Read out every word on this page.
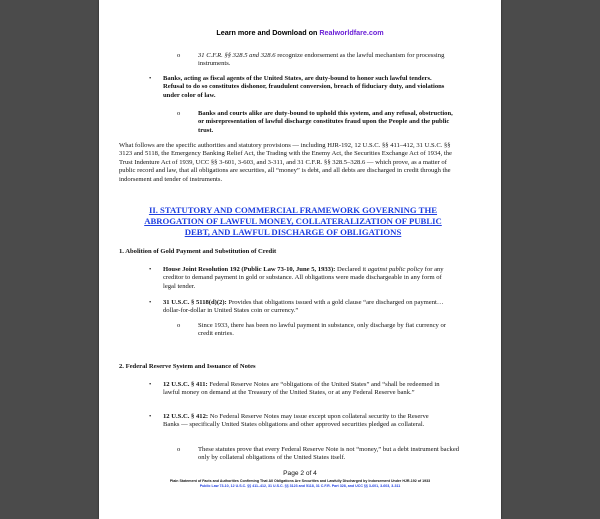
Learn more and Download on Realworldfare.com
o	31 C.F.R. §§ 328.5 and 328.6 recognize endorsement as the lawful mechanism for processing instruments.

• Banks, acting as fiscal agents of the United States, are duty-bound to honor such lawful tenders. Refusal to do so constitutes dishonor, fraudulent conversion, breach of fiduciary duty, and violations under color of law.

o	Banks and courts alike are duty-bound to uphold this system, and any refusal, obstruction, or misrepresentation of lawful discharge constitutes fraud upon the People and the public trust.

What follows are the specific authorities and statutory provisions — including HJR-192, 12 U.S.C. §§ 411–412, 31 U.S.C. §§ 3123 and 5118, the Emergency Banking Relief Act, the Trading with the Enemy Act, the Securities Exchange Act of 1934, the Trust Indenture Act of 1939, UCC §§ 3-601, 3-603, and 3-311, and 31 C.F.R. §§ 328.5–328.6 — which prove, as a matter of public record and law, that all obligations are securities, all “money” is debt, and all debts are discharged in credit through the indorsement and tender of instruments.

II. STATUTORY AND COMMERCIAL FRAMEWORK GOVERNING THE ABROGATION OF LAWFUL MONEY, COLLATERALIZATION OF PUBLIC DEBT, AND LAWFUL DISCHARGE OF OBLIGATIONS

1. Abolition of Gold Payment and Substitution of Credit

• House Joint Resolution 192 (Public Law 73-10, June 5, 1933): Declared it against public policy for any creditor to demand payment in gold or substance. All obligations were made dischargeable in any form of legal tender.

• 31 U.S.C. § 5118(d)(2): Provides that obligations issued with a gold clause “are discharged on payment… dollar-for-dollar in United States coin or currency.”

o	Since 1933, there has been no lawful payment in substance, only discharge by fiat currency or credit entries.

2. Federal Reserve System and Issuance of Notes

• 12 U.S.C. § 411: Federal Reserve Notes are “obligations of the United States” and “shall be redeemed in lawful money on demand at the Treasury of the United States, or at any Federal Reserve bank.”

• 12 U.S.C. § 412: No Federal Reserve Notes may issue except upon collateral security to the Reserve Banks — specifically United States obligations and other approved securities pledged as collateral.

o	These statutes prove that every Federal Reserve Note is not “money,” but a debt instrument backed only by collateral obligations of the United States itself.

Page 2 of 4
Plain Statement of Facts and Authorities Confirming That All Obligations Are Securities and Lawfully Discharged by Indorsement Under HJR-192 of 1933
Public Law 73-10, 12 U.S.C. §§ 411–412, 31 U.S.C. §§ 3123 and 5118, 31 C.F.R. Part 328, and UCC §§ 3-601, 3-603, 3-311
